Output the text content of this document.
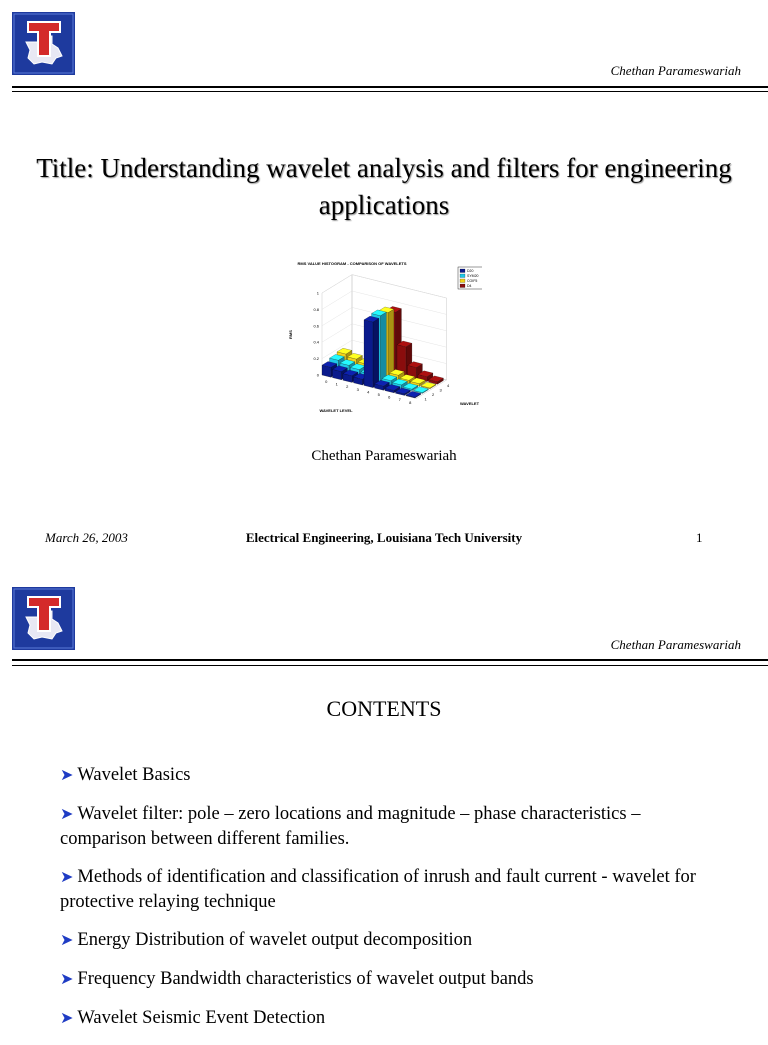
Chethan Parameswariah
Title: Understanding wavelet analysis and filters for engineering applications
RMS VALUE HISTOGRAM - COMPARISON OF WAVELETS
D20
SYM20
COIF5
D4
0
1
2
3
4
5
6
7
8
1
2
3
4
0
0.2
0.4
0.6
0.8
1
WAVELET LEVEL
WAVELET
RMS
Chethan Parameswariah
March 26, 2003	Electrical Engineering, Louisiana Tech University	1
Chethan Parameswariah
CONTENTS
➤ Wavelet Basics
➤ Wavelet filter: pole – zero locations and magnitude – phase characteristics – comparison between different families.
➤ Methods of identification and classification of inrush and fault current - wavelet for protective relaying technique
➤ Energy Distribution of wavelet output decomposition
➤ Frequency Bandwidth characteristics of wavelet output bands
➤ Wavelet Seismic Event Detection
